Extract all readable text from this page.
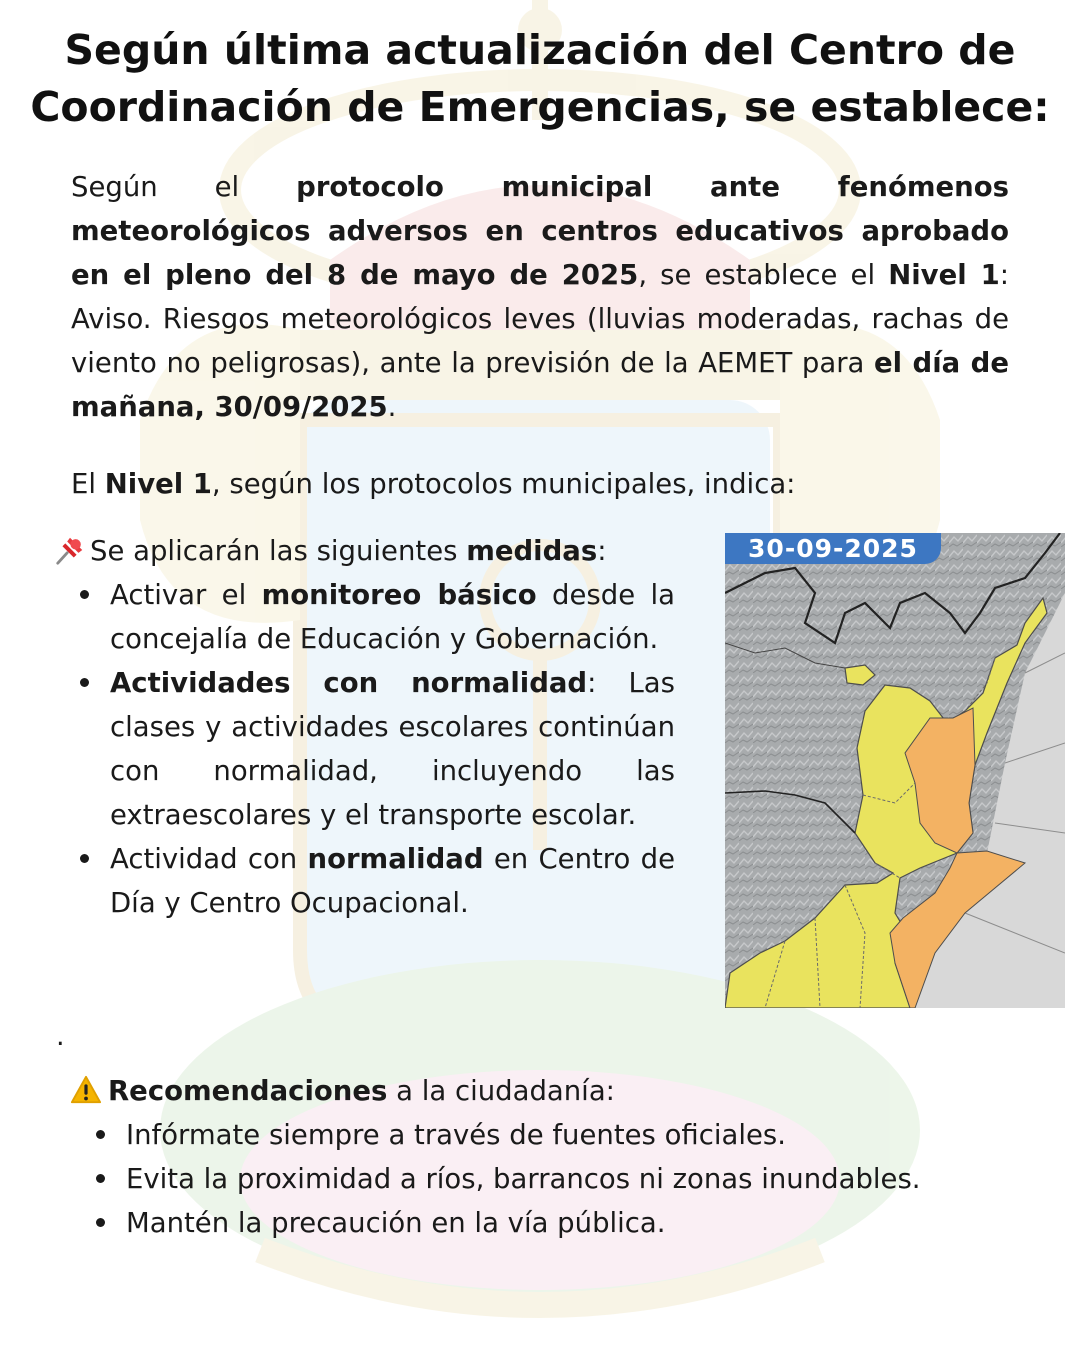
Según última actualización del Centro de Coordinación de Emergencias, se establece:

Según el protocolo municipal ante fenómenos meteorológicos adversos en centros educativos aprobado en el pleno del 8 de mayo de 2025, se establece el Nivel 1: Aviso. Riesgos meteorológicos leves (lluvias moderadas, rachas de viento no peligrosas), ante la previsión de la AEMET para el día de mañana, 30/09/2025.

El Nivel 1, según los protocolos municipales, indica:

Se aplicarán las siguientes medidas:

Activar el monitoreo básico desde la concejalía de Educación y Gobernación.
Actividades con normalidad: Las clases y actividades escolares continúan con normalidad, incluyendo las extraescolares y el transporte escolar.
Actividad con normalidad en Centro de Día y Centro Ocupacional.
.
30-09-2025

Recomendaciones a la ciudadanía:

Infórmate siempre a través de fuentes oficiales.
Evita la proximidad a ríos, barrancos ni zonas inundables.
Mantén la precaución en la vía pública.
